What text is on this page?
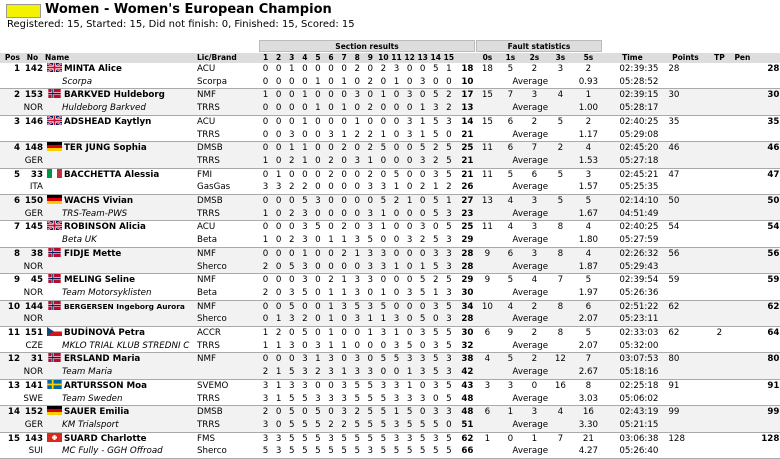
Women - Women's European Champion
Registered: 15, Started: 15, Did not finish: 0, Finished: 15, Scored: 15
Section results	Fault statistics
Pos	No	Name	Lic/Brand	1	2	3	4	5	6	7	8	9	10	11	12	13	14	15		0s	1s	2s	3s	5s	Time	Points	TP	Pen	
1	142	MINTA Alice	ACU	0	0	1	0	0	0	0	2	0	2	3	0	0	5	1	18	18	5	2	3	2	02:39:35	28			28
		Scorpa	Scorpa	0	0	0	0	1	0	1	0	2	0	1	0	3	0	0	10		Average			0.93	05:28:52				
2	153	BARKVED Huldeborg	NMF	1	0	0	1	0	0	0	3	0	1	0	3	0	5	2	17	15	7	3	4	1	02:39:15	30			30
	NOR	Huldeborg Barkved	TRRS	0	0	0	0	1	0	1	0	2	0	0	0	1	3	2	13		Average			1.00	05:28:17				
3	146	ADSHEAD Kaytlyn	ACU	0	0	0	1	0	0	0	1	0	0	0	3	1	5	3	14	15	6	2	5	2	02:40:25	35			35
			TRRS	0	0	3	0	0	3	1	2	2	1	0	3	1	5	0	21		Average			1.17	05:29:08				
4	148	TER JUNG Sophia	DMSB	0	0	1	1	0	0	2	0	2	5	0	0	5	2	5	25	11	6	7	2	4	02:45:20	46			46
	GER		TRRS	1	0	2	1	0	2	0	3	1	0	0	0	3	2	5	21		Average			1.53	05:27:18				
5	33	BACCHETTA Alessia	FMI	0	1	0	0	0	2	0	0	2	0	5	0	0	3	5	21	11	5	6	5	3	02:45:21	47			47
	ITA		GasGas	3	3	2	2	0	0	0	0	3	3	1	0	2	1	2	26		Average			1.57	05:25:35				
6	150	WACHS Vivian	DMSB	0	0	0	5	3	0	0	0	0	5	2	1	0	5	1	27	13	4	3	5	5	02:14:10	50			50
	GER	TRS-Team-PWS	TRRS	1	0	2	3	0	0	0	0	3	1	0	0	0	5	3	23		Average			1.67	04:51:49				
7	145	ROBINSON Alicia	ACU	0	0	0	3	5	0	2	0	3	1	0	0	3	0	5	25	11	4	3	8	4	02:40:25	54			54
		Beta UK	Beta	1	0	2	3	0	1	1	3	5	0	0	3	2	5	3	29		Average			1.80	05:27:59				
8	38	FIDJE Mette	NMF	0	0	0	1	0	0	2	1	3	3	0	0	0	3	3	28	9	6	3	8	4	02:26:32	56			56
	NOR		Sherco	2	0	5	3	0	0	0	0	3	3	1	0	1	5	3	28		Average			1.87	05:29:43				
9	45	MELING Seline	NMF	0	0	0	3	0	2	1	3	3	0	0	0	5	2	5	29	9	5	4	7	5	02:39:54	59			59
	NOR	Team Motorsyklisten	Beta	2	0	3	5	0	1	1	3	0	1	0	3	5	1	3	30		Average			1.97	05:26:36				
10	144	BERGERSEN Ingeborg Aurora	NMF	0	0	5	0	0	1	3	5	3	5	0	0	0	3	5	34	10	4	2	8	6	02:51:22	62			62
	NOR		Sherco	0	1	3	2	0	1	0	3	1	1	3	0	5	0	3	28		Average			2.07	05:23:11				
11	151	BUDÍNOVÁ Petra	ACCR	1	2	0	5	0	1	0	0	1	3	1	0	3	5	5	30	6	9	2	8	5	02:33:03	62	2		64
	CZE	MKLO TRIAL KLUB STREDNI C	TRRS	1	1	3	0	3	1	1	0	0	0	3	5	0	3	5	32		Average			2.07	05:32:00				
12	31	ERSLAND Maria	NMF	0	0	0	3	1	3	0	3	0	5	5	3	3	5	3	38	4	5	2	12	7	03:07:53	80			80
	NOR	Team Maria		2	1	5	3	2	3	1	3	3	0	0	1	3	5	3	42		Average			2.67	05:18:16				
13	141	ARTURSSON Moa	SVEMO	3	1	3	3	0	0	3	5	5	3	3	1	0	3	5	43	3	3	0	16	8	02:25:18	91			91
	SWE	Team Sweden	TRRS	3	1	5	5	3	3	3	5	5	5	3	3	3	0	5	48		Average			3.03	05:06:02				
14	152	SAUER Emilia	DMSB	2	0	5	0	5	0	3	2	5	5	1	5	0	3	3	48	6	1	3	4	16	02:43:19	99			99
	GER	KM Trialsport	TRRS	3	0	5	5	5	2	2	5	5	5	3	5	5	5	0	51		Average			3.30	05:21:15				
15	143	SUARD Charlotte	FMS	3	3	5	5	5	3	5	5	5	5	3	3	5	3	5	62	1	0	1	7	21	03:06:38	128			128
	SUI	MC Fully - GGH Offroad	Sherco	5	3	5	5	5	5	5	5	3	5	5	5	5	5	5	66		Average			4.27	05:26:40				
